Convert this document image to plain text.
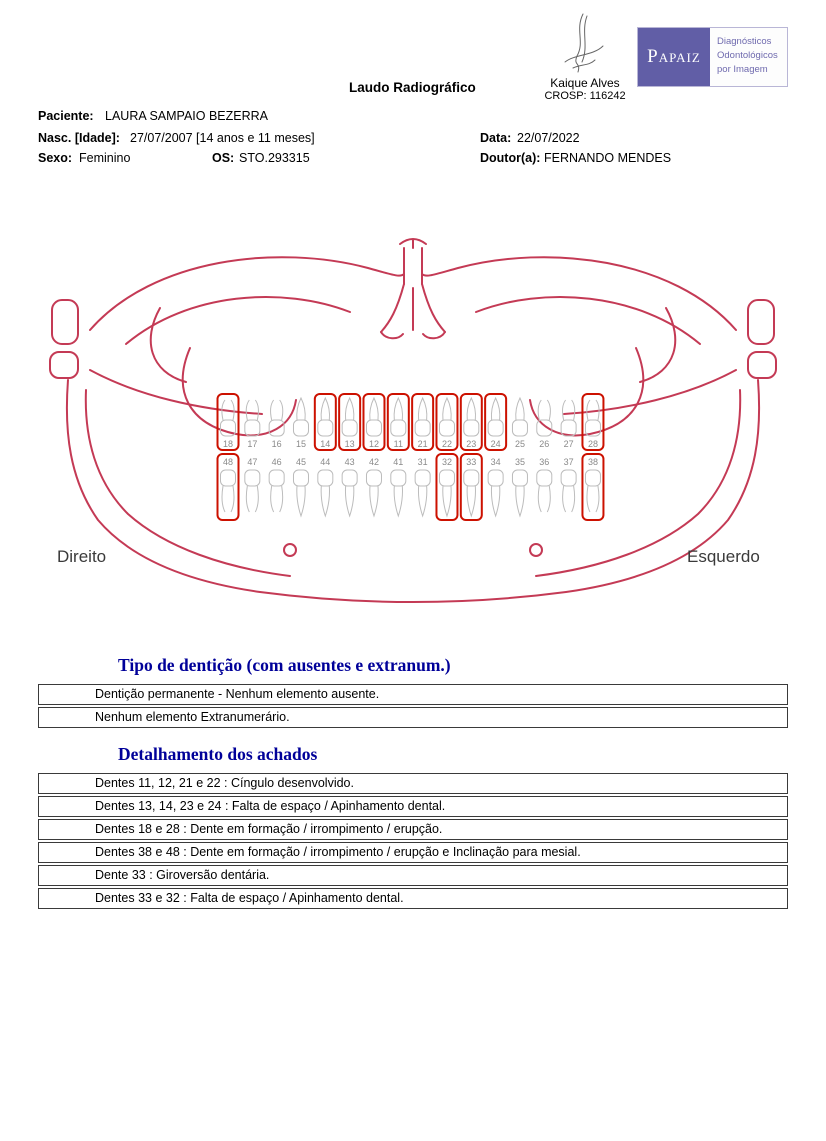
Laudo Radiográfico	Kaique Alves
CROSP: 116242
Papaiz
Diagnósticos Odontológicos por Imagem
Paciente: LAURA SAMPAIO BEZERRA
Nasc. [Idade]: 27/07/2007 [14 anos e 11 meses]	Data: 22/07/2022
Sexo: Feminino	OS: STO.293315	Doutor(a): FERNANDO MENDES
18 17 16 15 14 13 12 11 21 22 23 24 25 26 27 28
48 47 46 45 44 43 42 41 31 32 33 34 35 36 37 38
Direito	Esquerdo
Tipo de dentição (com ausentes e extranum.)
Dentição permanente - Nenhum elemento ausente.
Nenhum elemento Extranumerário.
Detalhamento dos achados
Dentes 11, 12, 21 e 22 : Cíngulo desenvolvido.
Dentes 13, 14, 23 e 24 : Falta de espaço / Apinhamento dental.
Dentes 18 e 28 : Dente em formação / irrompimento / erupção.
Dentes 38 e 48 : Dente em formação / irrompimento / erupção e Inclinação para mesial.
Dente 33 : Giroversão dentária.
Dentes 33 e 32 : Falta de espaço / Apinhamento dental.
